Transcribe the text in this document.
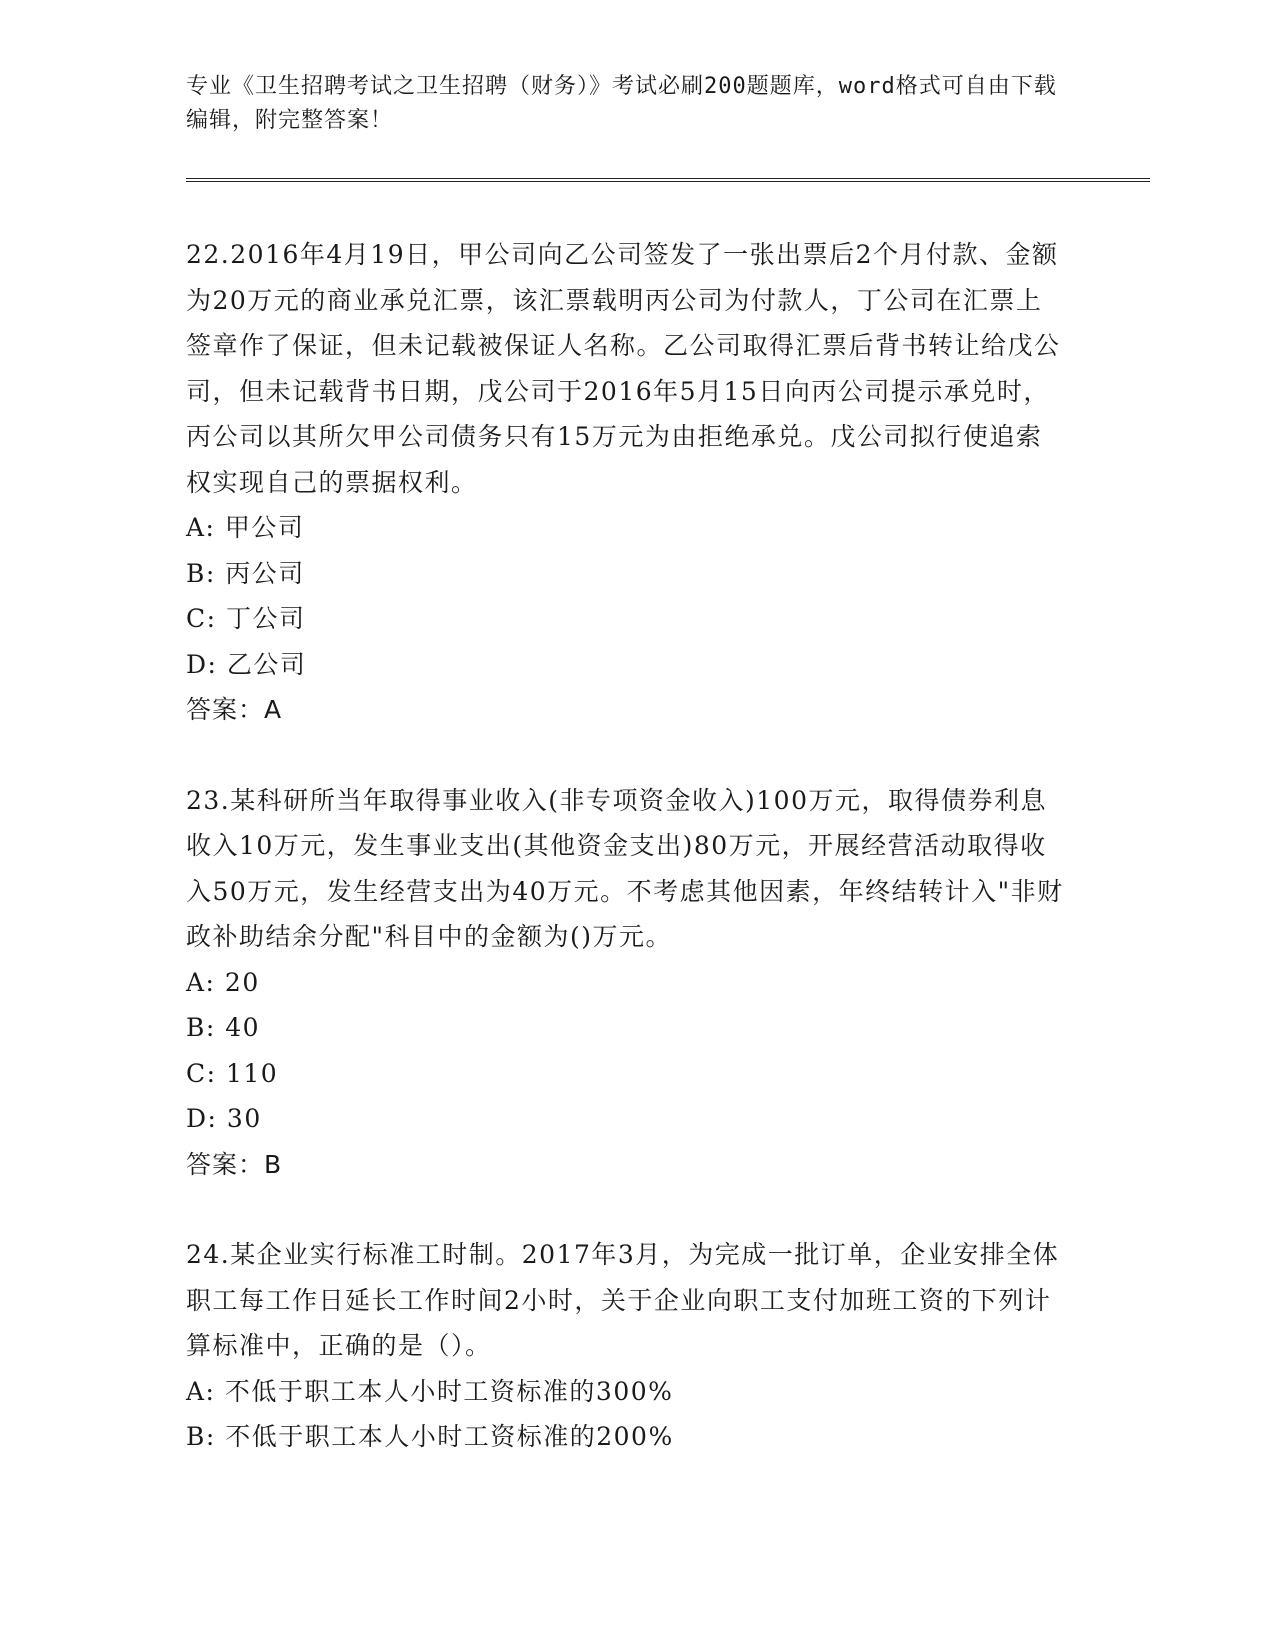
专业《卫生招聘考试之卫生招聘（财务）》考试必刷200题题库，word格式可自由下载编辑，附完整答案！

22.2016年4月19日，甲公司向乙公司签发了一张出票后2个月付款、金额为20万元的商业承兑汇票，该汇票载明丙公司为付款人，丁公司在汇票上签章作了保证，但未记载被保证人名称。乙公司取得汇票后背书转让给戊公司，但未记载背书日期，戊公司于2016年5月15日向丙公司提示承兑时，丙公司以其所欠甲公司债务只有15万元为由拒绝承兑。戊公司拟行使追索权实现自己的票据权利。

A: 甲公司
B: 丙公司
C: 丁公司
D: 乙公司
答案：A

23.某科研所当年取得事业收入(非专项资金收入)100万元，取得债券利息收入10万元，发生事业支出(其他资金支出)80万元，开展经营活动取得收入50万元，发生经营支出为40万元。不考虑其他因素，年终结转计入"非财政补助结余分配"科目中的金额为()万元。

A: 20
B: 40
C: 110
D: 30
答案：B

24.某企业实行标准工时制。2017年3月，为完成一批订单，企业安排全体职工每工作日延长工作时间2小时，关于企业向职工支付加班工资的下列计算标准中，正确的是（）。

A: 不低于职工本人小时工资标准的300%
B: 不低于职工本人小时工资标准的200%
